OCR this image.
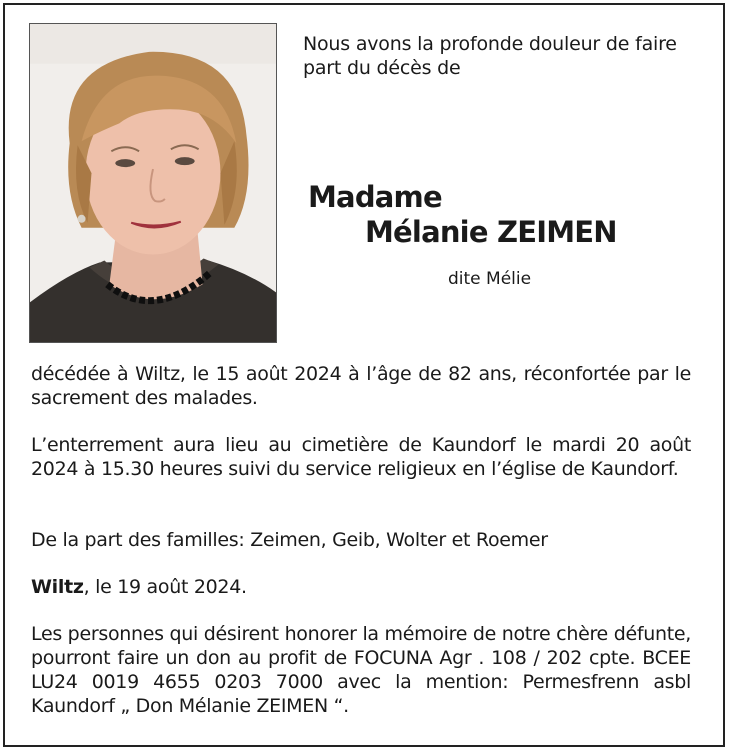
Nous avons la profonde douleur de faire part du décès de
Madame
Mélanie ZEIMEN
dite Mélie
décédée à Wiltz, le 15 août 2024 à l’âge de 82 ans, réconfortée par le sacrement des malades.
L’enterrement aura lieu au cimetière de Kaundorf le mardi 20 août 2024 à 15.30 heures suivi du service religieux en l’église de Kaundorf.
De la part des familles: Zeimen, Geib, Wolter et Roemer
Wiltz, le 19 août 2024.
Les personnes qui désirent honorer la mémoire de notre chère défunte, pourront faire un don au profit de FOCUNA Agr . 108 / 202 cpte. BCEE LU24 0019 4655 0203 7000 avec la mention: Permesfrenn asbl Kaundorf „ Don Mélanie ZEIMEN “.
